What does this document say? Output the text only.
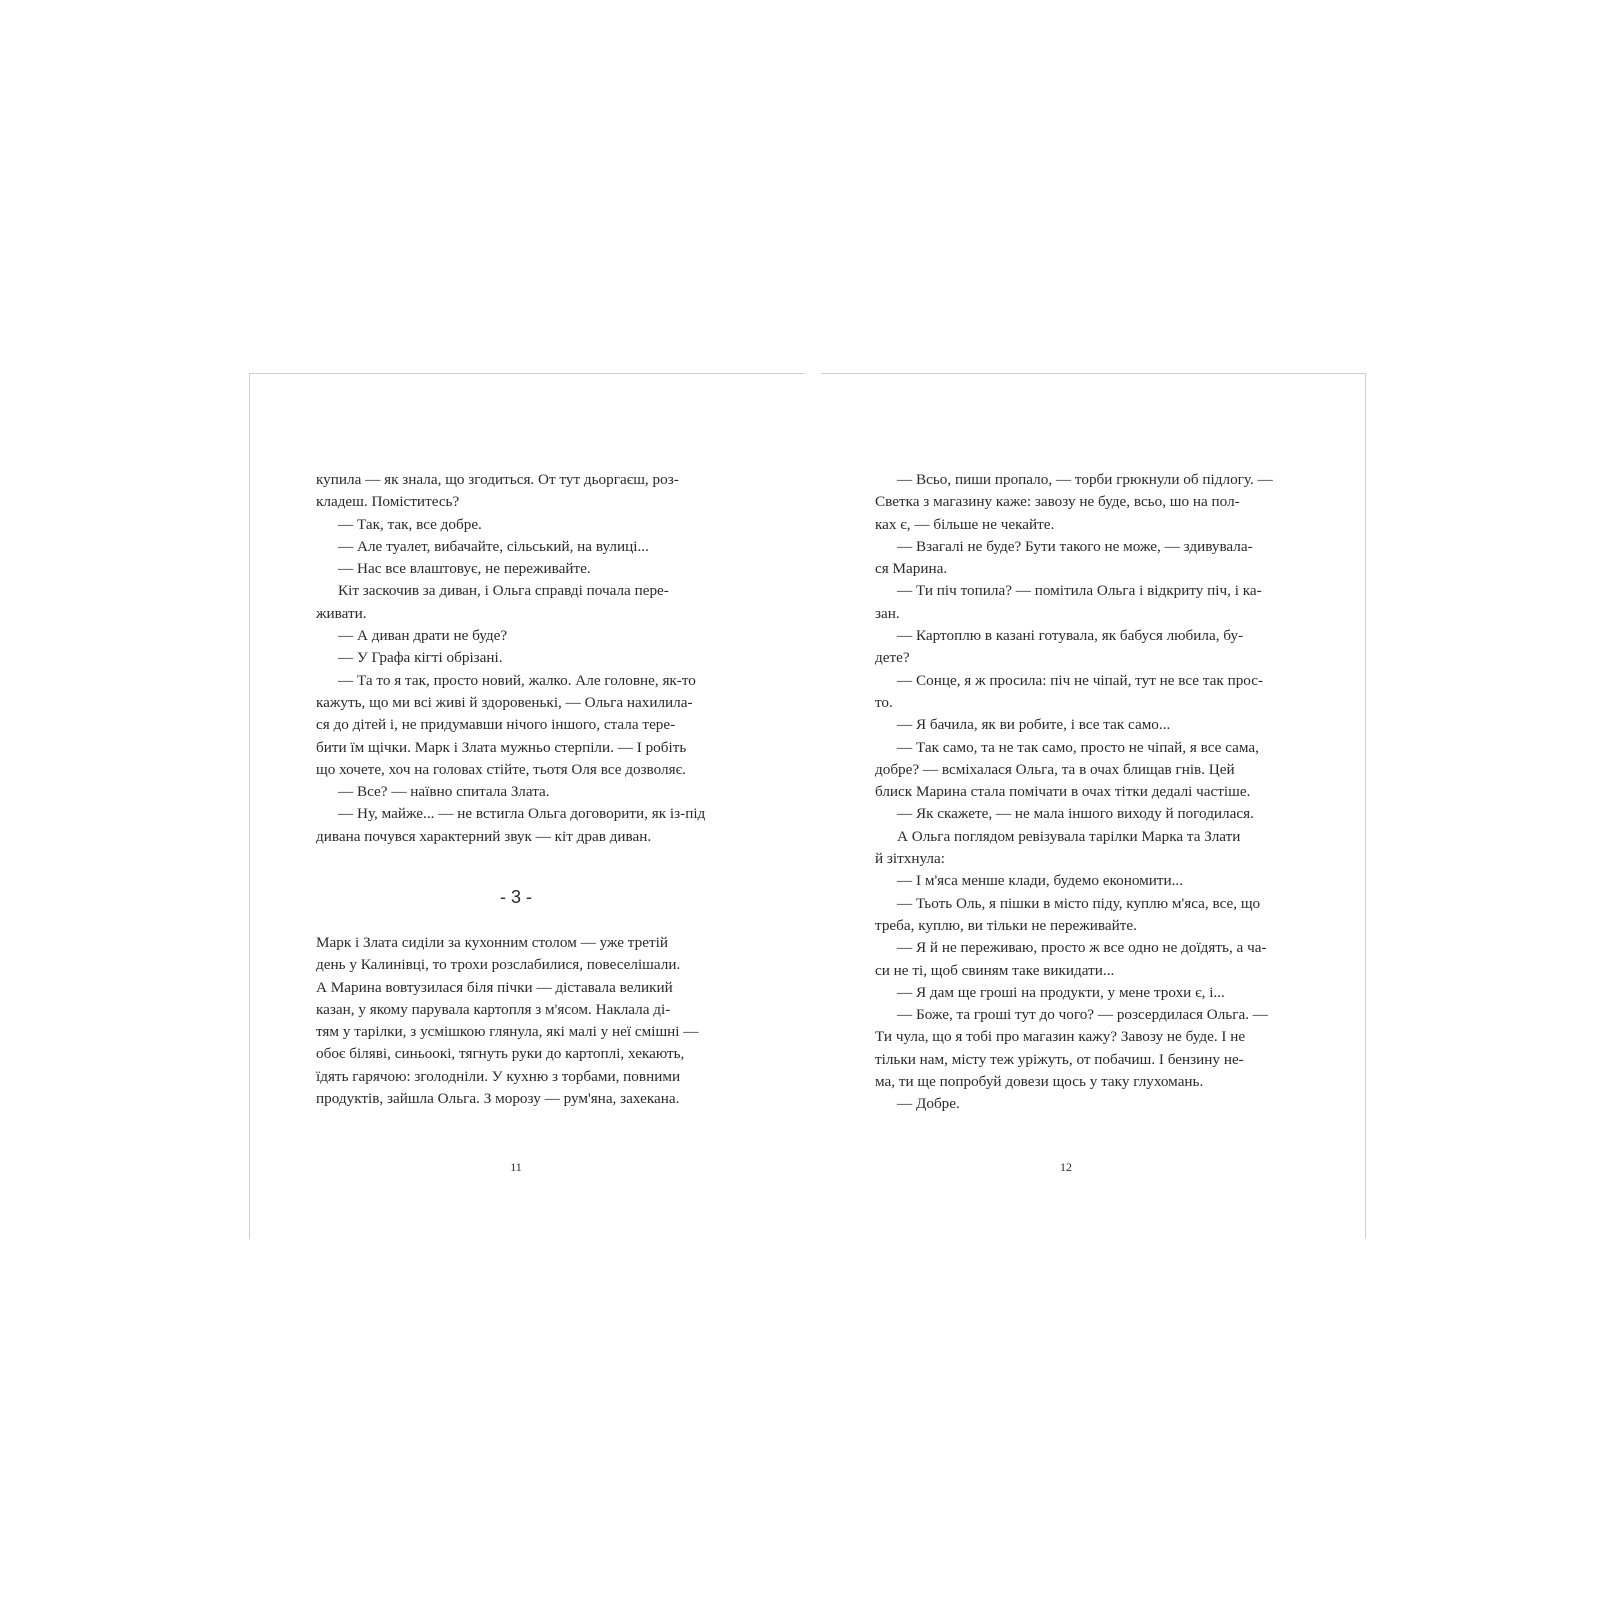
купила — як знала, що згодиться. От тут дьоргаєш, роз-
кладеш. Поміститесь?
— Так, так, все добре.
— Але туалет, вибачайте, сільський, на вулиці...
— Нас все влаштовує, не переживайте.
Кіт заскочив за диван, і Ольга справді почала пере-
живати.
— А диван драти не буде?
— У Графа кігті обрізані.
— Та то я так, просто новий, жалко. Але головне, як-то
кажуть, що ми всі живі й здоровенькі, — Ольга нахилила-
ся до дітей і, не придумавши нічого іншого, стала тере-
бити їм щічки. Марк і Злата мужньо стерпіли. — І робіть
що хочете, хоч на головах стійте, тьотя Оля все дозволяє.
— Все? — наївно спитала Злата.
— Ну, майже... — не встигла Ольга договорити, як із-під
дивана почувся характерний звук — кіт драв диван.
- 3 -
Марк і Злата сиділи за кухонним столом — уже третій
день у Калинівці, то трохи розслабилися, повеселішали.
А Марина вовтузилася біля пічки — діставала великий
казан, у якому парувала картопля з м'ясом. Наклала ді-
тям у тарілки, з усмішкою глянула, які малі у неї смішні —
обоє біляві, синьоокі, тягнуть руки до картоплі, хекають,
їдять гарячою: зголодніли. У кухню з торбами, повними
продуктів, зайшла Ольга. З морозу — рум'яна, захекана.
11
— Всьо, пиши пропало, — торби грюкнули об підлогу. —
Светка з магазину каже: завозу не буде, всьо, шо на пол-
ках є, — більше не чекайте.
— Взагалі не буде? Бути такого не може, — здивувала-
ся Марина.
— Ти піч топила? — помітила Ольга і відкриту піч, і ка-
зан.
— Картоплю в казані готувала, як бабуся любила, бу-
дете?
— Сонце, я ж просила: піч не чіпай, тут не все так прос-
то.
— Я бачила, як ви робите, і все так само...
— Так само, та не так само, просто не чіпай, я все сама,
добре? — всміхалася Ольга, та в очах блищав гнів. Цей
блиск Марина стала помічати в очах тітки дедалі частіше.
— Як скажете, — не мала іншого виходу й погодилася.
А Ольга поглядом ревізувала тарілки Марка та Злати
й зітхнула:
— І м'яса менше клади, будемо економити...
— Тьоть Оль, я пішки в місто піду, куплю м'яса, все, що
треба, куплю, ви тільки не переживайте.
— Я й не переживаю, просто ж все одно не доїдять, а ча-
си не ті, щоб свиням таке викидати...
— Я дам ще гроші на продукти, у мене трохи є, і...
— Боже, та гроші тут до чого? — розсердилася Ольга. —
Ти чула, що я тобі про магазин кажу? Завозу не буде. І не
тільки нам, місту теж уріжуть, от побачиш. І бензину не-
ма, ти ще попробуй довези щось у таку глухомань.
— Добре.
12
